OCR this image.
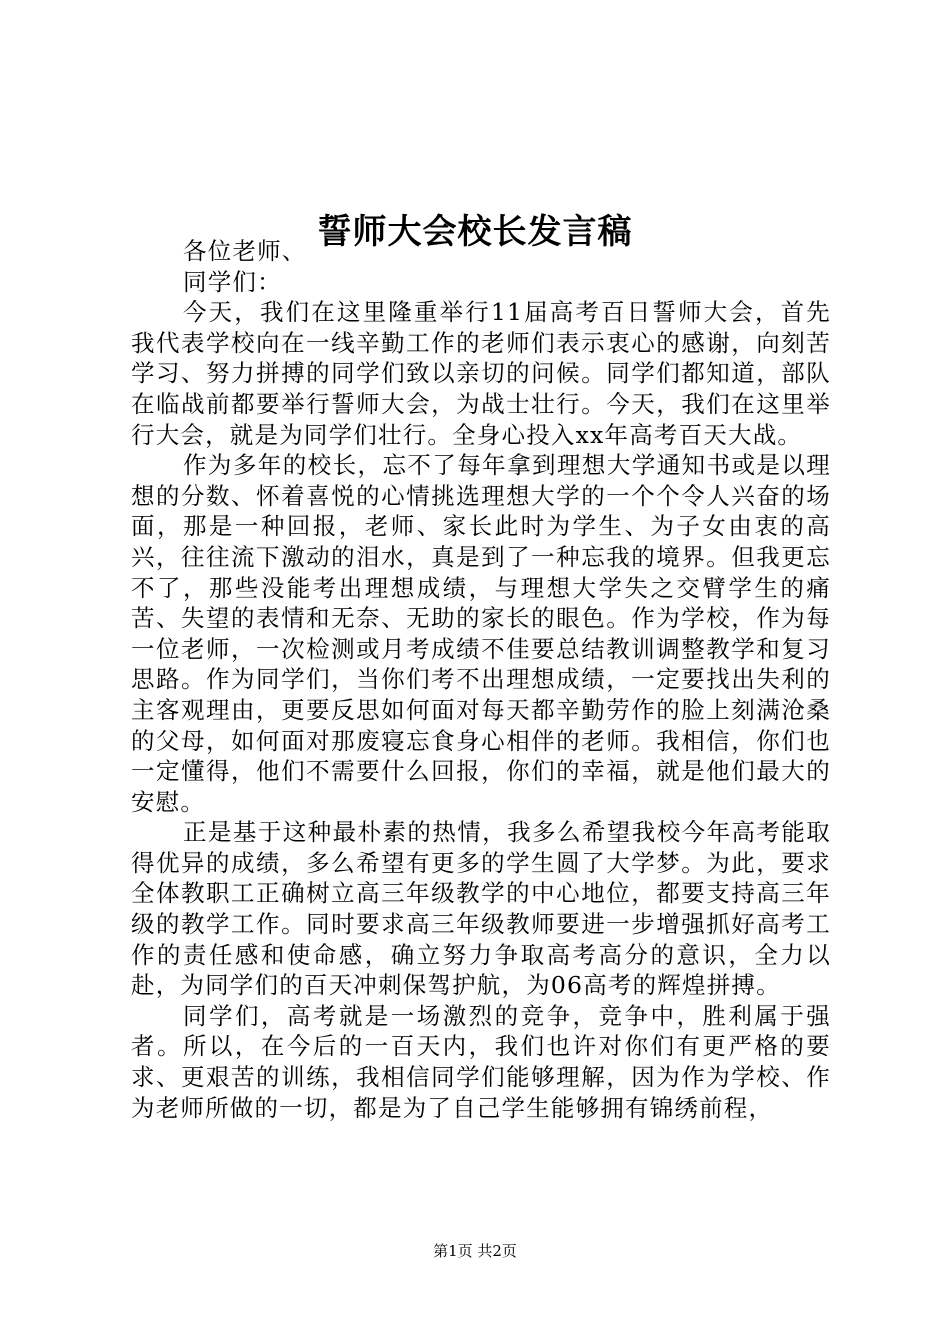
誓师大会校长发言稿

各位老师、

同学们：

今天，我们在这里隆重举行11届高考百日誓师大会，首先我代表学校向在一线辛勤工作的老师们表示衷心的感谢，向刻苦学习、努力拼搏的同学们致以亲切的问候。同学们都知道，部队在临战前都要举行誓师大会，为战士壮行。今天，我们在这里举行大会，就是为同学们壮行。全身心投入xx年高考百天大战。

作为多年的校长，忘不了每年拿到理想大学通知书或是以理想的分数、怀着喜悦的心情挑选理想大学的一个个令人兴奋的场面，那是一种回报，老师、家长此时为学生、为子女由衷的高兴，往往流下激动的泪水，真是到了一种忘我的境界。但我更忘不了，那些没能考出理想成绩，与理想大学失之交臂学生的痛苦、失望的表情和无奈、无助的家长的眼色。作为学校，作为每一位老师，一次检测或月考成绩不佳要总结教训调整教学和复习思路。作为同学们，当你们考不出理想成绩，一定要找出失利的主客观理由，更要反思如何面对每天都辛勤劳作的脸上刻满沧桑的父母，如何面对那废寝忘食身心相伴的老师。我相信，你们也一定懂得，他们不需要什么回报，你们的幸福，就是他们最大的安慰。

正是基于这种最朴素的热情，我多么希望我校今年高考能取得优异的成绩，多么希望有更多的学生圆了大学梦。为此，要求全体教职工正确树立高三年级教学的中心地位，都要支持高三年级的教学工作。同时要求高三年级教师要进一步增强抓好高考工作的责任感和使命感，确立努力争取高考高分的意识，全力以赴，为同学们的百天冲刺保驾护航，为06高考的辉煌拼搏。

同学们，高考就是一场激烈的竞争，竞争中，胜利属于强者。所以，在今后的一百天内，我们也许对你们有更严格的要求、更艰苦的训练，我相信同学们能够理解，因为作为学校、作为老师所做的一切，都是为了自己学生能够拥有锦绣前程，

第1页 共2页
